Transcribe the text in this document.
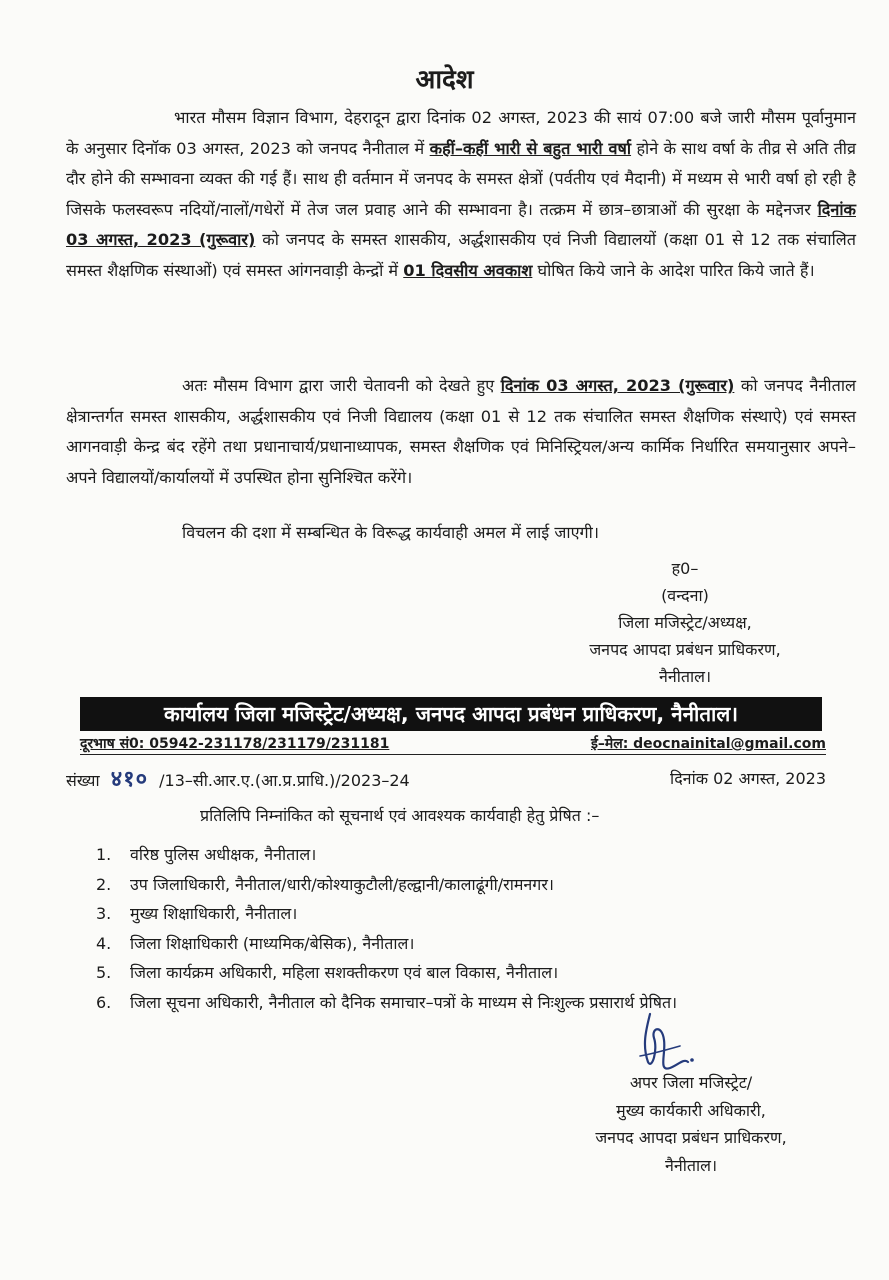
आदेश
भारत मौसम विज्ञान विभाग, देहरादून द्वारा दिनांक 02 अगस्त, 2023 की सायं 07:00 बजे जारी मौसम पूर्वानुमान के अनुसार दिनॉक 03 अगस्त, 2023 को जनपद नैनीताल में कहीं–कहीं भारी से बहुत भारी वर्षा होने के साथ वर्षा के तीव्र से अति तीव्र दौर होने की सम्भावना व्यक्त की गई हैं। साथ ही वर्तमान में जनपद के समस्त क्षेत्रों (पर्वतीय एवं मैदानी) में मध्यम से भारी वर्षा हो रही है जिसके फलस्वरूप नदियों/नालों/गधेरों में तेज जल प्रवाह आने की सम्भावना है। तत्क्रम में छात्र–छात्राओं की सुरक्षा के मद्देनजर दिनांक 03 अगस्त, 2023 (गुरूवार) को जनपद के समस्त शासकीय, अर्द्धशासकीय एवं निजी विद्यालयों (कक्षा 01 से 12 तक संचालित समस्त शैक्षणिक संस्थाओं) एवं समस्त आंगनवाड़ी केन्द्रों में 01 दिवसीय अवकाश घोषित किये जाने के आदेश पारित किये जाते हैं।
अतः मौसम विभाग द्वारा जारी चेतावनी को देखते हुए दिनांक 03 अगस्त, 2023 (गुरूवार) को जनपद नैनीताल क्षेत्रान्तर्गत समस्त शासकीय, अर्द्धशासकीय एवं निजी विद्यालय (कक्षा 01 से 12 तक संचालित समस्त शैक्षणिक संस्थाऐ) एवं समस्त आगनवाड़ी केन्द्र बंद रहेंगे तथा प्रधानाचार्य/प्रधानाध्यापक, समस्त शैक्षणिक एवं मिनिस्ट्रियल/अन्य कार्मिक निर्धारित समयानुसार अपने–अपने विद्यालयों/कार्यालयों में उपस्थित होना सुनिश्चित करेंगे।
विचलन की दशा में सम्बन्धित के विरूद्ध कार्यवाही अमल में लाई जाएगी।
ह0–
(वन्दना)
जिला मजिस्ट्रेट/अध्यक्ष,
जनपद आपदा प्रबंधन प्राधिकरण,
नैनीताल।
कार्यालय जिला मजिस्ट्रेट/अध्यक्ष, जनपद आपदा प्रबंधन प्राधिकरण, नैनीताल।
दूरभाष सं0: 05942-231178/231179/231181	ई–मेल: deocnainital@gmail.com
संख्या ४१० /13–सी.आर.ए.(आ.प्र.प्राधि.)/2023–24	दिनांक 02 अगस्त, 2023
प्रतिलिपि निम्नांकित को सूचनार्थ एवं आवश्यक कार्यवाही हेतु प्रेषित :–
1. वरिष्ठ पुलिस अधीक्षक, नैनीताल।
2. उप जिलाधिकारी, नैनीताल/धारी/कोश्याकुटौली/हल्द्वानी/कालाढूंगी/रामनगर।
3. मुख्य शिक्षाधिकारी, नैनीताल।
4. जिला शिक्षाधिकारी (माध्यमिक/बेसिक), नैनीताल।
5. जिला कार्यक्रम अधिकारी, महिला सशक्तीकरण एवं बाल विकास, नैनीताल।
6. जिला सूचना अधिकारी, नैनीताल को दैनिक समाचार–पत्रों के माध्यम से निःशुल्क प्रसारार्थ प्रेषित।
अपर जिला मजिस्ट्रेट/
मुख्य कार्यकारी अधिकारी,
जनपद आपदा प्रबंधन प्राधिकरण,
नैनीताल।
